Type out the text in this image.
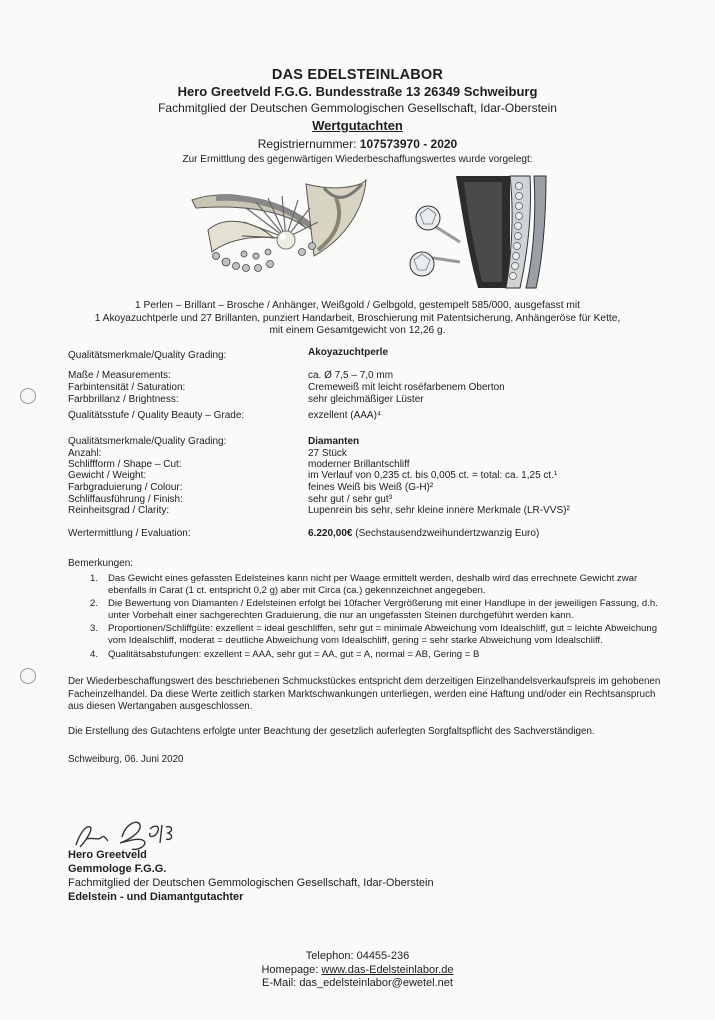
DAS EDELSTEINLABOR
Hero Greetveld F.G.G. Bundesstraße 13 26349 Schweiburg
Fachmitglied der Deutschen Gemmologischen Gesellschaft, Idar-Oberstein
Wertgutachten
Registriernummer: 107573970 - 2020
Zur Ermittlung des gegenwärtigen Wiederbeschaffungswertes wurde vorgelegt:
1 Perlen – Brillant – Brosche / Anhänger, Weißgold / Gelbgold, gestempelt 585/000, ausgefasst mit
1 Akoyazuchtperle und 27 Brillanten, punziert Handarbeit, Broschierung mit Patentsicherung, Anhängeröse für Kette,
mit einem Gesamtgewicht von 12,26 g.
Qualitätsmerkmale/Quality Grading:	Akoyazuchtperle
Maße / Measurements:	ca. Ø 7,5 – 7,0 mm
Farbintensität / Saturation:	Cremeweiß mit leicht roséfarbenem Oberton
Farbbrillanz / Brightness:	sehr gleichmäßiger Lüster
Qualitätsstufe / Quality Beauty – Grade:	exzellent (AAA)⁴
Qualitätsmerkmale/Quality Grading:	Diamanten
Anzahl:	27 Stück
Schliffform / Shape – Cut:	moderner Brillantschliff
Gewicht / Weight:	im Verlauf von 0,235 ct. bis 0,005 ct. = total: ca. 1,25 ct.¹
Farbgraduierung / Colour:	feines Weiß bis Weiß (G-H)²
Schliffausführung / Finish:	sehr gut / sehr gut³
Reinheitsgrad / Clarity:	Lupenrein bis sehr, sehr kleine innere Merkmale (LR-VVS)²
Wertermittlung / Evaluation:	6.220,00€ (Sechstausendzweihundertzwanzig Euro)
Bemerkungen:
1. Das Gewicht eines gefassten Edelsteines kann nicht per Waage ermittelt werden, deshalb wird das errechnete Gewicht zwar ebenfalls in Carat (1 ct. entspricht 0,2 g) aber mit Circa (ca.) gekennzeichnet angegeben.
2. Die Bewertung von Diamanten / Edelsteinen erfolgt bei 10facher Vergrößerung mit einer Handlupe in der jeweiligen Fassung, d.h. unter Vorbehalt einer sachgerechten Graduierung, die nur an ungefassten Steinen durchgeführt werden kann.
3. Proportionen/Schliffgüte: exzellent = ideal geschliffen, sehr gut = minimale Abweichung vom Idealschliff, gut = leichte Abweichung vom Idealschliff, moderat = deutliche Abweichung vom Idealschliff, gering = sehr starke Abweichung vom Idealschliff.
4. Qualitätsabstufungen: exzellent = AAA, sehr gut = AA, gut = A, normal = AB, Gering = B
Der Wiederbeschaffungswert des beschriebenen Schmuckstückes entspricht dem derzeitigen Einzelhandelsverkaufspreis im gehobenen Facheinzelhandel. Da diese Werte zeitlich starken Marktschwankungen unterliegen, werden eine Haftung und/oder ein Rechtsanspruch aus diesen Wertangaben ausgeschlossen.
Die Erstellung des Gutachtens erfolgte unter Beachtung der gesetzlich auferlegten Sorgfaltspflicht des Sachverständigen.
Schweiburg, 06. Juni 2020
Hero Greetveld
Gemmologe F.G.G.
Fachmitglied der Deutschen Gemmologischen Gesellschaft, Idar-Oberstein
Edelstein - und Diamantgutachter
Telephon: 04455-236
Homepage: www.das-Edelsteinlabor.de
E-Mail: das_edelsteinlabor@ewetel.net
